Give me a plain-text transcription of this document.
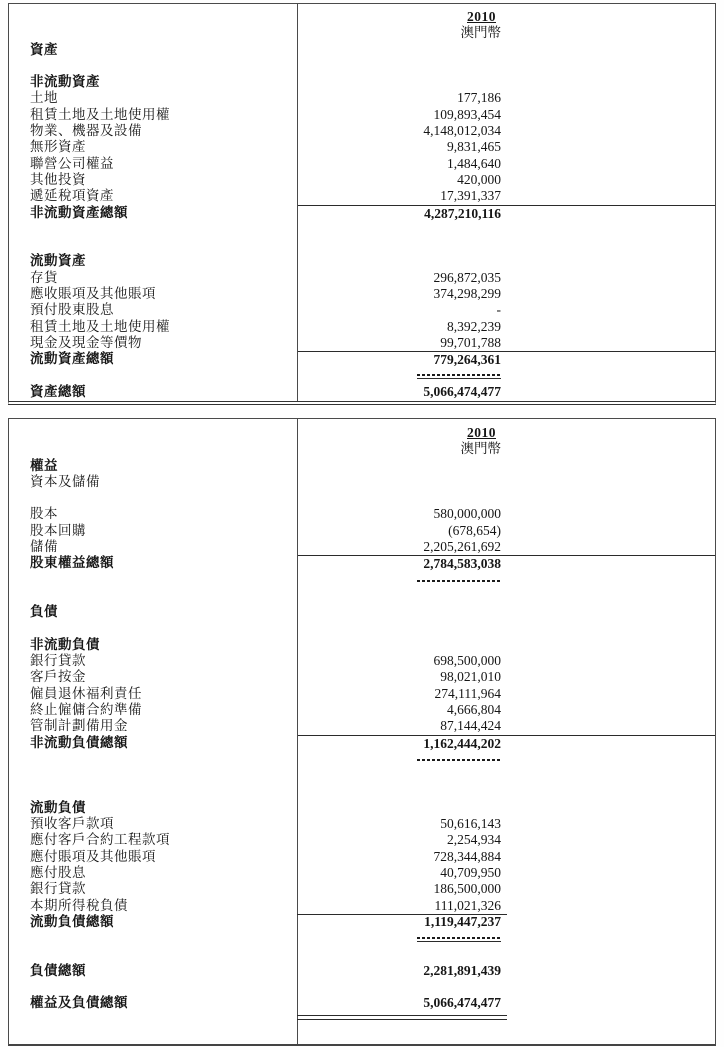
2010
澳門幣
資產
非流動資產
土地	177,186
租賃土地及土地使用權	109,893,454
物業、機器及設備	4,148,012,034
無形資產	9,831,465
聯營公司權益	1,484,640
其他投資	420,000
遞延稅項資產	17,391,337
非流動資產總額	4,287,210,116
流動資產
存貨	296,872,035
應收賬項及其他賬項	374,298,299
預付股東股息	-
租賃土地及土地使用權	8,392,239
現金及現金等價物	99,701,788
流動資產總額	779,264,361
資產總額	5,066,474,477
2010
澳門幣
權益
資本及儲備
股本	580,000,000
股本回購	(678,654)
儲備	2,205,261,692
股東權益總額	2,784,583,038
負債
非流動負債
銀行貸款	698,500,000
客戶按金	98,021,010
僱員退休福利責任	274,111,964
終止僱傭合約準備	4,666,804
管制計劃備用金	87,144,424
非流動負債總額	1,162,444,202
流動負債
預收客戶款項	50,616,143
應付客戶合約工程款項	2,254,934
應付賬項及其他賬項	728,344,884
應付股息	40,709,950
銀行貸款	186,500,000
本期所得稅負債	111,021,326
流動負債總額	1,119,447,237
負債總額	2,281,891,439
權益及負債總額	5,066,474,477
